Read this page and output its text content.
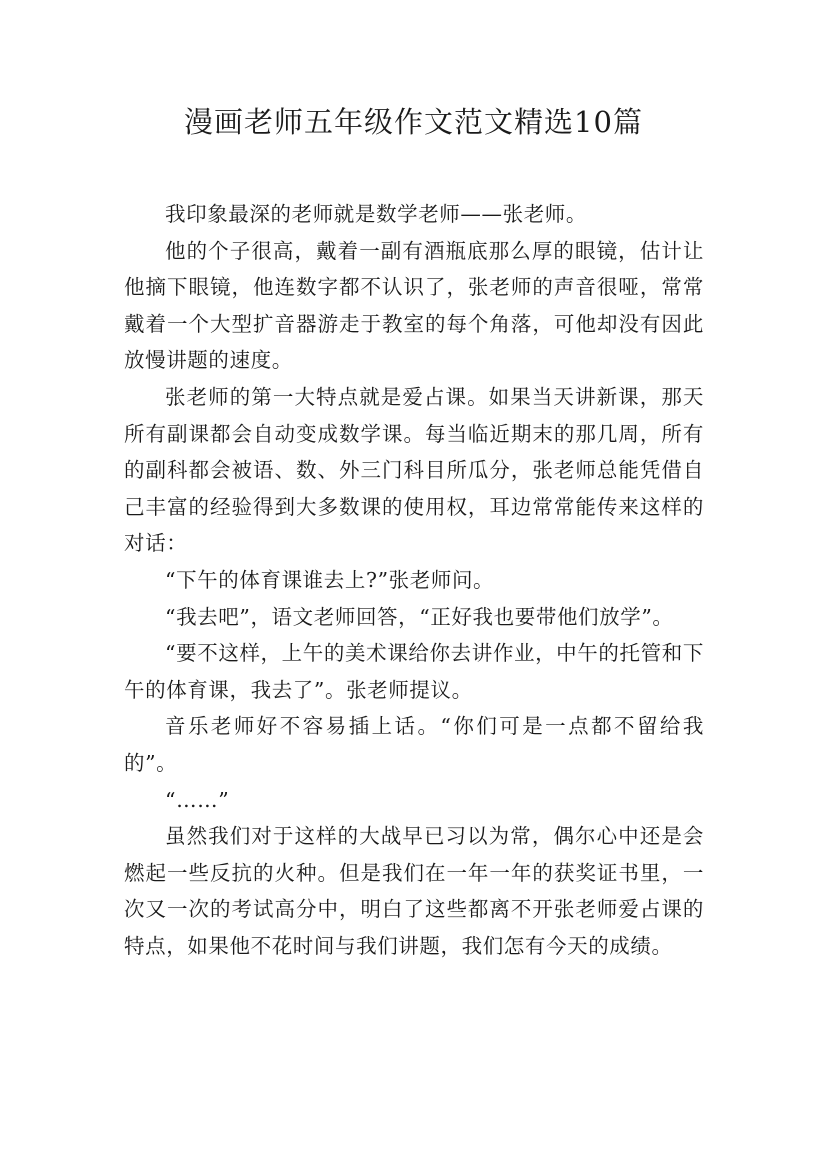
漫画老师五年级作文范文精选10篇

我印象最深的老师就是数学老师——张老师。

他的个子很高，戴着一副有酒瓶底那么厚的眼镜，估计让他摘下眼镜，他连数字都不认识了，张老师的声音很哑，常常戴着一个大型扩音器游走于教室的每个角落，可他却没有因此放慢讲题的速度。

张老师的第一大特点就是爱占课。如果当天讲新课，那天所有副课都会自动变成数学课。每当临近期末的那几周，所有的副科都会被语、数、外三门科目所瓜分，张老师总能凭借自己丰富的经验得到大多数课的使用权，耳边常常能传来这样的对话：

“下午的体育课谁去上?”张老师问。

“我去吧”，语文老师回答，“正好我也要带他们放学”。

“要不这样，上午的美术课给你去讲作业，中午的托管和下午的体育课，我去了”。张老师提议。

音乐老师好不容易插上话。“你们可是一点都不留给我的”。

“……”

虽然我们对于这样的大战早已习以为常，偶尔心中还是会燃起一些反抗的火种。但是我们在一年一年的获奖证书里，一次又一次的考试高分中，明白了这些都离不开张老师爱占课的特点，如果他不花时间与我们讲题，我们怎有今天的成绩。
